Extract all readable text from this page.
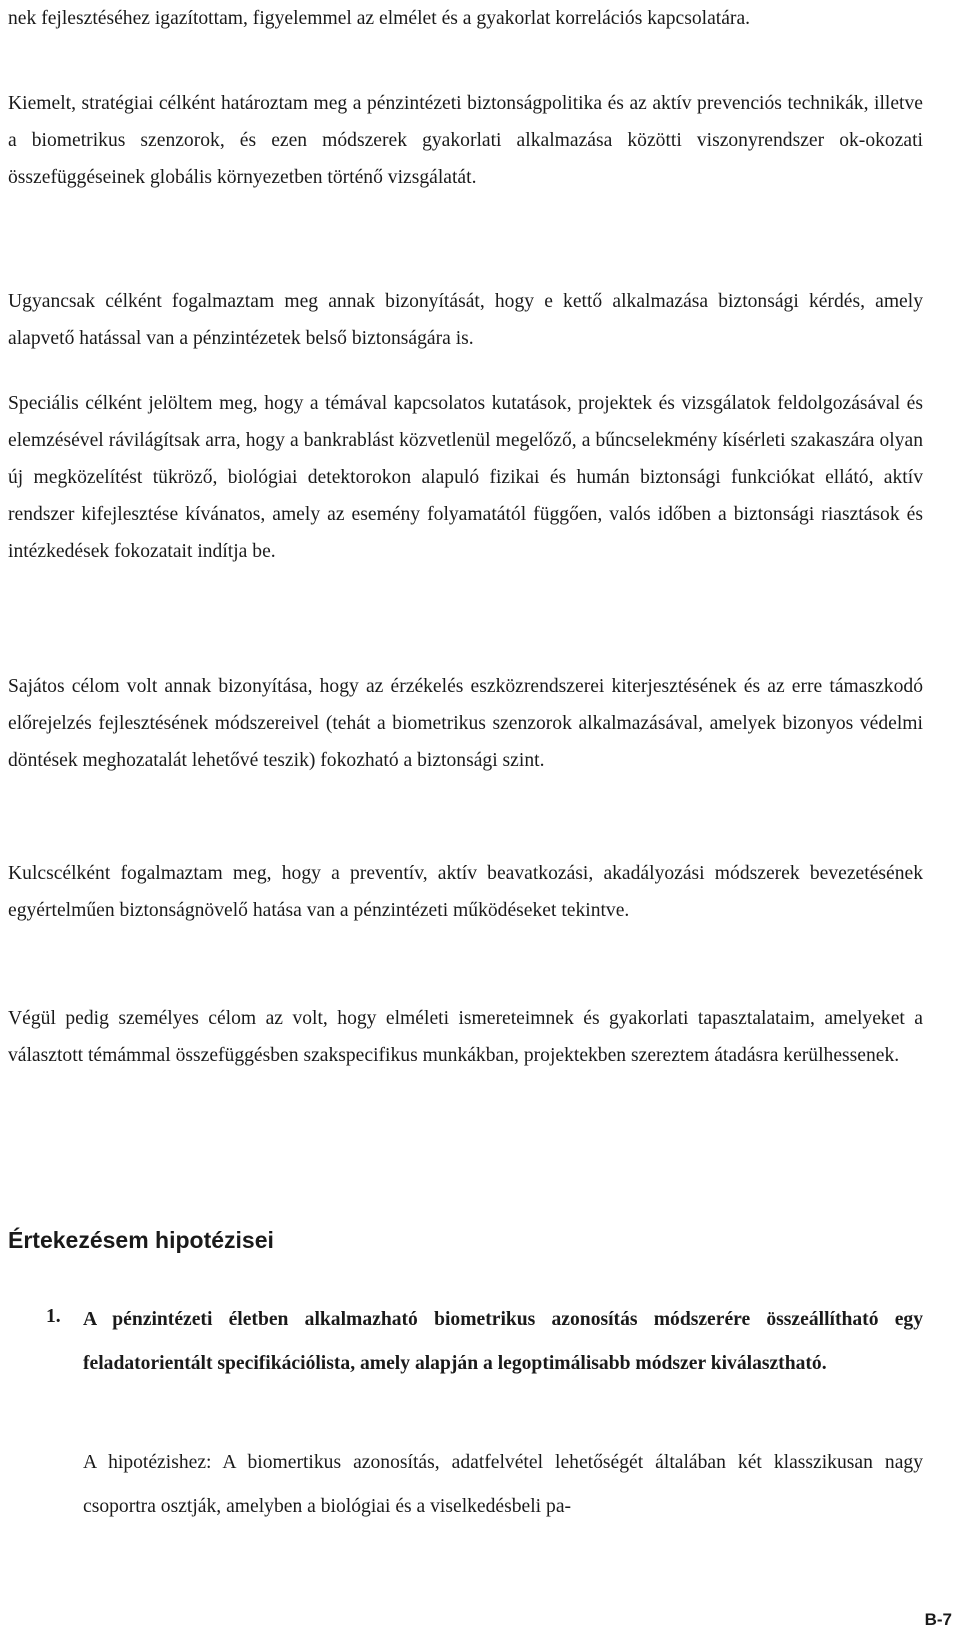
nek fejlesztéséhez igazítottam, figyelemmel az elmélet és a gyakorlat korrelációs kapcsolatára.

Kiemelt, stratégiai célként határoztam meg a pénzintézeti biztonságpolitika és az aktív prevenciós technikák, illetve a biometrikus szenzorok, és ezen módszerek gyakorlati alkalmazása közötti viszonyrendszer ok-okozati összefüggéseinek globális környezetben történő vizsgálatát.

Ugyancsak célként fogalmaztam meg annak bizonyítását, hogy e kettő alkalmazása biztonsági kérdés, amely alapvető hatással van a pénzintézetek belső biztonságára is.

Speciális célként jelöltem meg, hogy a témával kapcsolatos kutatások, projektek és vizsgálatok feldolgozásával és elemzésével rávilágítsak arra, hogy a bankrablást közvetlenül megelőző, a bűncselekmény kísérleti szakaszára olyan új megközelítést tükröző, biológiai detektorokon alapuló fizikai és humán biztonsági funkciókat ellátó, aktív rendszer kifejlesztése kívánatos, amely az esemény folyamatától függően, valós időben a biztonsági riasztások és intézkedések fokozatait indítja be.

Sajátos célom volt annak bizonyítása, hogy az érzékelés eszközrendszerei kiterjesztésének és az erre támaszkodó előrejelzés fejlesztésének módszereivel (tehát a biometrikus szenzorok alkalmazásával, amelyek bizonyos védelmi döntések meghozatalát lehetővé teszik) fokozható a biztonsági szint.

Kulcscélként fogalmaztam meg, hogy a preventív, aktív beavatkozási, akadályozási módszerek bevezetésének egyértelműen biztonságnövelő hatása van a pénzintézeti működéseket tekintve.

Végül pedig személyes célom az volt, hogy elméleti ismereteimnek és gyakorlati tapasztalataim, amelyeket a választott témámmal összefüggésben szakspecifikus munkákban, projektekben szereztem átadásra kerülhessenek.

Értekezésem hipotézisei

1. A pénzintézeti életben alkalmazható biometrikus azonosítás módszerére összeállítható egy feladatorientált specifikációlista, amely alapján a legoptimálisabb módszer kiválasztható.

A hipotézishez: A biomertikus azonosítás, adatfelvétel lehetőségét általában két klasszikusan nagy csoportra osztják, amelyben a biológiai és a viselkedésbeli pa-

B-7
